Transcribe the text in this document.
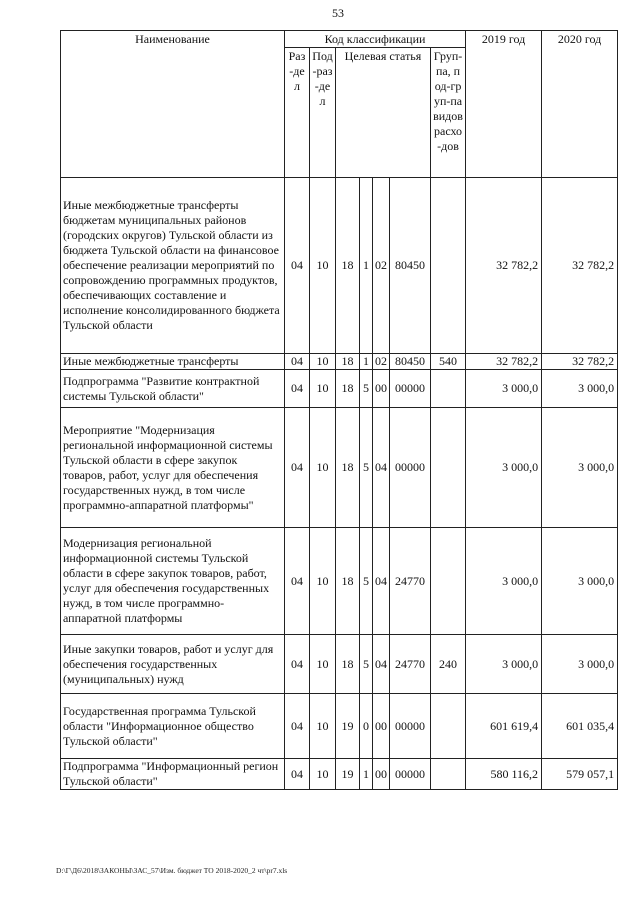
53
Наименование	Код классификации							2019 год	2020 год
	Раз-дел	Под-раз-дел	Целевая статья				Груп-па, под-груп-па видов расхо-дов		
Иные межбюджетные трансферты бюджетам муниципальных районов (городских округов) Тульской области из бюджета Тульской области на финансовое обеспечение реализации мероприятий по сопровождению программных продуктов, обеспечивающих составление и исполнение консолидированного бюджета Тульской области	04	10	18	1	02	80450		32 782,2	32 782,2
Иные межбюджетные трансферты	04	10	18	1	02	80450	540	32 782,2	32 782,2
Подпрограмма "Развитие контрактной системы Тульской области"	04	10	18	5	00	00000		3 000,0	3 000,0
Мероприятие "Модернизация региональной информационной системы Тульской области в сфере закупок товаров, работ, услуг для обеспечения государственных нужд, в том числе программно-аппаратной платформы"	04	10	18	5	04	00000		3 000,0	3 000,0
Модернизация региональной информационной системы Тульской области в сфере закупок товаров, работ, услуг для обеспечения государственных нужд, в том числе программно-аппаратной платформы	04	10	18	5	04	24770		3 000,0	3 000,0
Иные закупки товаров, работ и услуг для обеспечения государственных (муниципальных) нужд	04	10	18	5	04	24770	240	3 000,0	3 000,0
Государственная программа Тульской области "Информационное общество Тульской области"	04	10	19	0	00	00000		601 619,4	601 035,4
Подпрограмма "Информационный регион Тульской области"	04	10	19	1	00	00000		580 116,2	579 057,1
D:\Г\Д6\2018\ЗАКОНЫ\ЗАС_57\Изм. бюджет ТО 2018-2020_2 чт\pr7.xls
